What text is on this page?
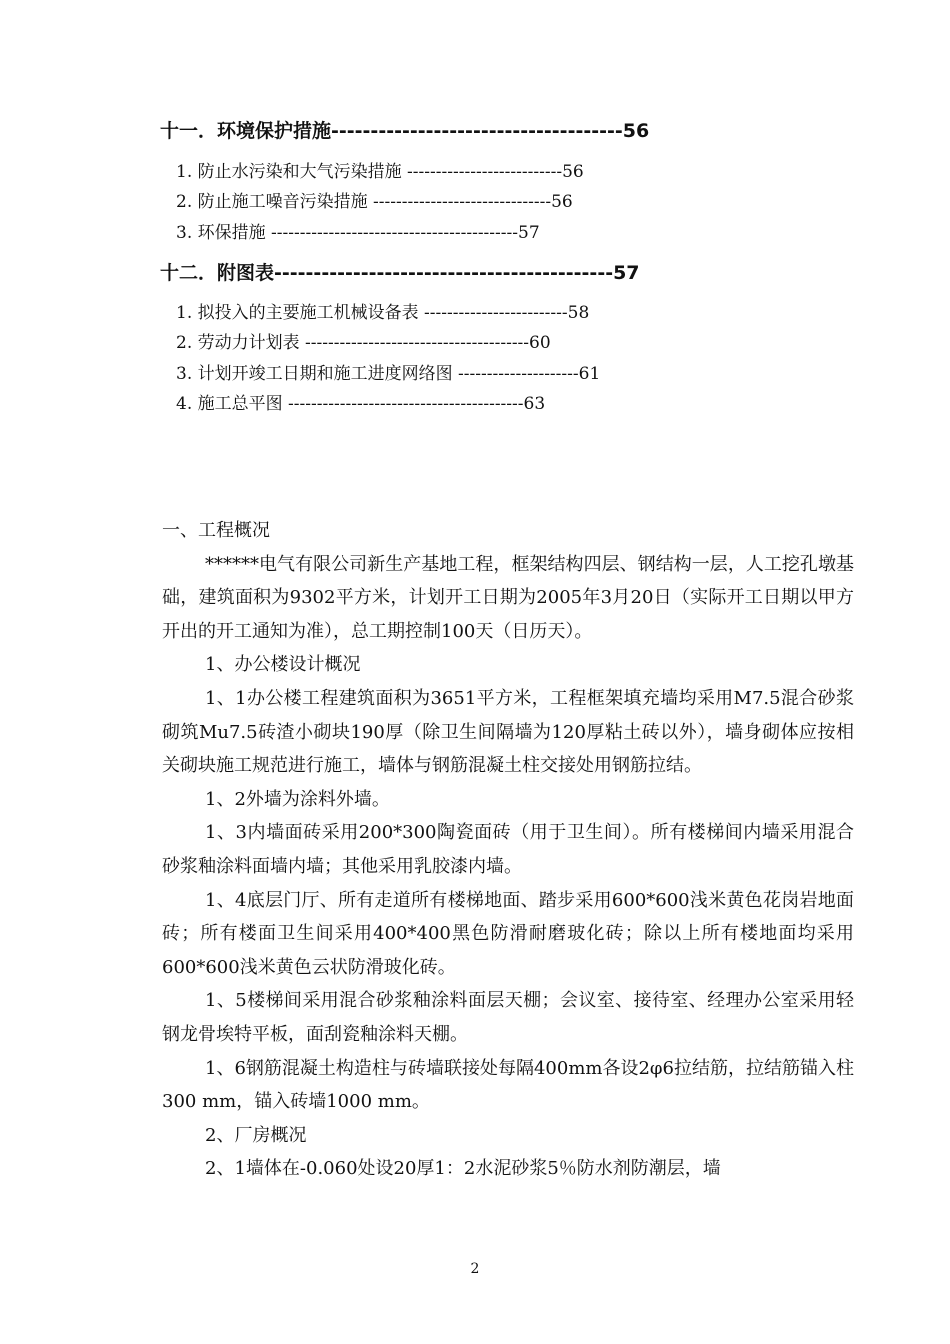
十一．环境保护措施-------------------------------------56
1. 防止水污染和大气污染措施 ---------------------------56
2. 防止施工噪音污染措施 -------------------------------56
3. 环保措施 -------------------------------------------57
十二．附图表-------------------------------------------57
1. 拟投入的主要施工机械设备表 -------------------------58
2. 劳动力计划表 ---------------------------------------60
3. 计划开竣工日期和施工进度网络图 ---------------------61
4. 施工总平图 -----------------------------------------63

一、工程概况

******电气有限公司新生产基地工程，框架结构四层、钢结构一层，人工挖孔墩基础，建筑面积为9302平方米，计划开工日期为2005年3月20日（实际开工日期以甲方开出的开工通知为准），总工期控制100天（日历天）。

1、办公楼设计概况

1、1办公楼工程建筑面积为3651平方米，工程框架填充墙均采用M7.5混合砂浆砌筑Mu7.5砖渣小砌块190厚（除卫生间隔墙为120厚粘土砖以外），墙身砌体应按相关砌块施工规范进行施工，墙体与钢筋混凝土柱交接处用钢筋拉结。

1、2外墙为涂料外墙。

1、3内墙面砖采用200*300陶瓷面砖（用于卫生间）。所有楼梯间内墙采用混合砂浆釉涂料面墙内墙；其他采用乳胶漆内墙。

1、4底层门厅、所有走道所有楼梯地面、踏步采用600*600浅米黄色花岗岩地面砖；所有楼面卫生间采用400*400黑色防滑耐磨玻化砖；除以上所有楼地面均采用600*600浅米黄色云状防滑玻化砖。

1、5楼梯间采用混合砂浆釉涂料面层天棚；会议室、接待室、经理办公室采用轻钢龙骨埃特平板，面刮瓷釉涂料天棚。

1、6钢筋混凝土构造柱与砖墙联接处每隔400mm各设2φ6拉结筋，拉结筋锚入柱300 mm，锚入砖墙1000 mm。

2、厂房概况

2、1墙体在-0.060处设20厚1：2水泥砂浆5％防水剂防潮层，墙

2
